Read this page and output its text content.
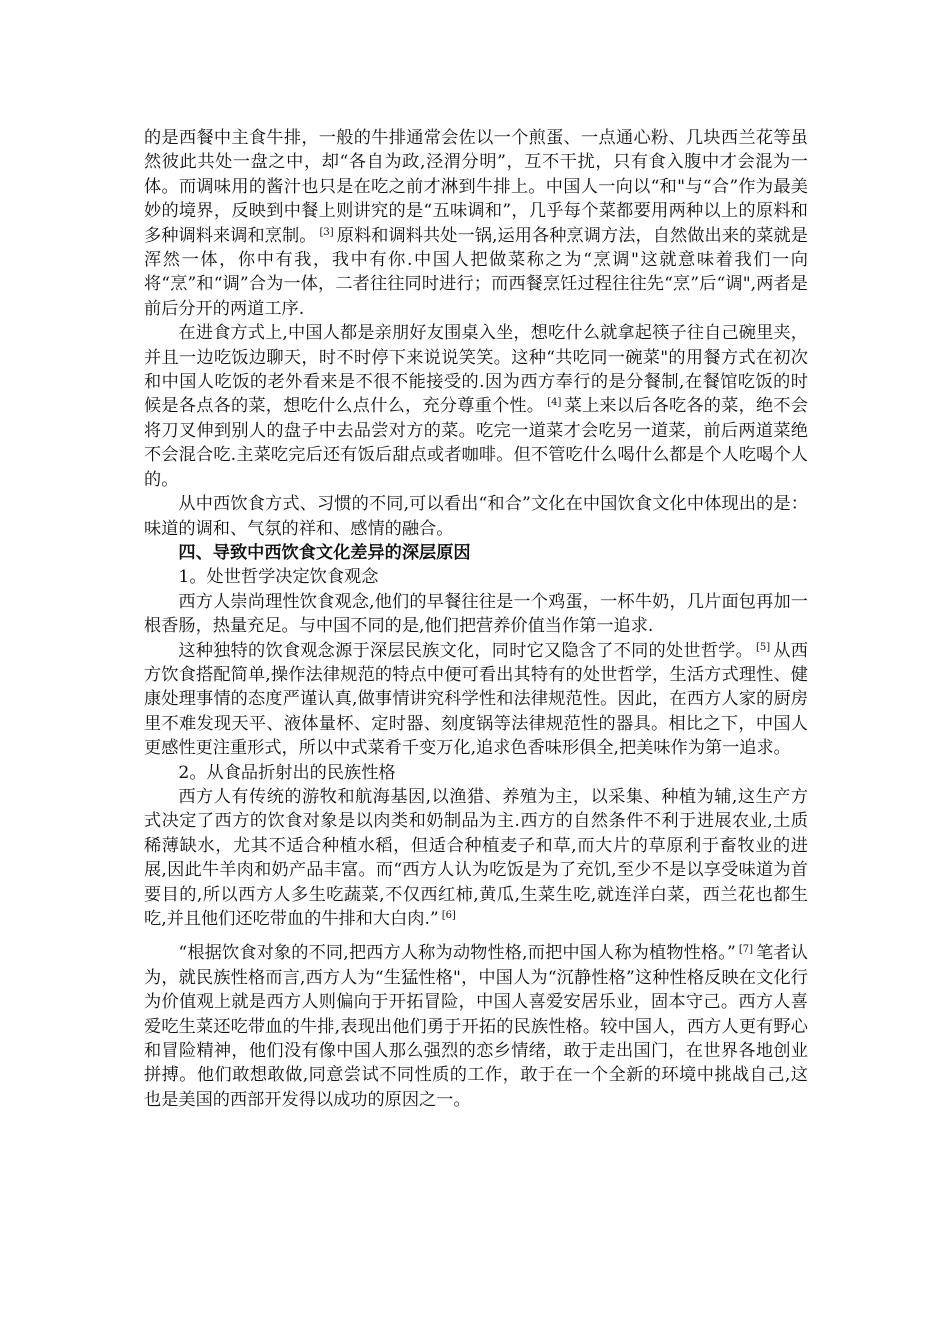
的是西餐中主食牛排，一般的牛排通常会佐以一个煎蛋、一点通心粉、几块西兰花等虽然彼此共处一盘之中，却“各自为政,泾渭分明”，互不干扰，只有食入腹中才会混为一体。而调味用的酱汁也只是在吃之前才淋到牛排上。中国人一向以“和"与“合”作为最美妙的境界，反映到中餐上则讲究的是“五味调和”，几乎每个菜都要用两种以上的原料和多种调料来调和烹制。 [3] 原料和调料共处一锅,运用各种烹调方法，自然做出来的菜就是浑然一体，你中有我，我中有你.中国人把做菜称之为“烹调"这就意味着我们一向将“烹”和“调”合为一体，二者往往同时进行；而西餐烹饪过程往往先“烹”后“调",两者是前后分开的两道工序.

在进食方式上,中国人都是亲朋好友围桌入坐，想吃什么就拿起筷子往自己碗里夹，并且一边吃饭边聊天，时不时停下来说说笑笑。这种“共吃同一碗菜"的用餐方式在初次和中国人吃饭的老外看来是不很不能接受的.因为西方奉行的是分餐制,在餐馆吃饭的时候是各点各的菜，想吃什么点什么，充分尊重个性。 [4] 菜上来以后各吃各的菜，绝不会将刀叉伸到别人的盘子中去品尝对方的菜。吃完一道菜才会吃另一道菜，前后两道菜绝不会混合吃.主菜吃完后还有饭后甜点或者咖啡。但不管吃什么喝什么都是个人吃喝个人的。

从中西饮食方式、习惯的不同,可以看出“和合”文化在中国饮食文化中体现出的是：味道的调和、气氛的祥和、感情的融合。

四、导致中西饮食文化差异的深层原因

1。处世哲学决定饮食观念

西方人崇尚理性饮食观念,他们的早餐往往是一个鸡蛋，一杯牛奶，几片面包再加一根香肠，热量充足。与中国不同的是,他们把营养价值当作第一追求.

这种独特的饮食观念源于深层民族文化，同时它又隐含了不同的处世哲学。 [5] 从西方饮食搭配简单,操作法律规范的特点中便可看出其特有的处世哲学，生活方式理性、健康处理事情的态度严谨认真,做事情讲究科学性和法律规范性。因此，在西方人家的厨房里不难发现天平、液体量杯、定时器、刻度锅等法律规范性的器具。相比之下，中国人更感性更注重形式，所以中式菜肴千变万化,追求色香味形俱全,把美味作为第一追求。

2。从食品折射出的民族性格

西方人有传统的游牧和航海基因,以渔猎、养殖为主，以采集、种植为辅,这生产方式决定了西方的饮食对象是以肉类和奶制品为主.西方的自然条件不利于进展农业,土质稀薄缺水，尤其不适合种植水稻，但适合种植麦子和草,而大片的草原利于畜牧业的进展,因此牛羊肉和奶产品丰富。而“西方人认为吃饭是为了充饥,至少不是以享受味道为首要目的,所以西方人多生吃蔬菜,不仅西红柿,黄瓜,生菜生吃,就连洋白菜，西兰花也都生吃,并且他们还吃带血的牛排和大白肉.” [6]

“根据饮食对象的不同,把西方人称为动物性格,而把中国人称为植物性格。” [7] 笔者认为，就民族性格而言,西方人为“生猛性格"，中国人为“沉静性格”这种性格反映在文化行为价值观上就是西方人则偏向于开拓冒险，中国人喜爱安居乐业，固本守己。西方人喜爱吃生菜还吃带血的牛排,表现出他们勇于开拓的民族性格。较中国人，西方人更有野心和冒险精神，他们没有像中国人那么强烈的恋乡情绪，敢于走出国门，在世界各地创业拼搏。他们敢想敢做,同意尝试不同性质的工作，敢于在一个全新的环境中挑战自己,这也是美国的西部开发得以成功的原因之一。
